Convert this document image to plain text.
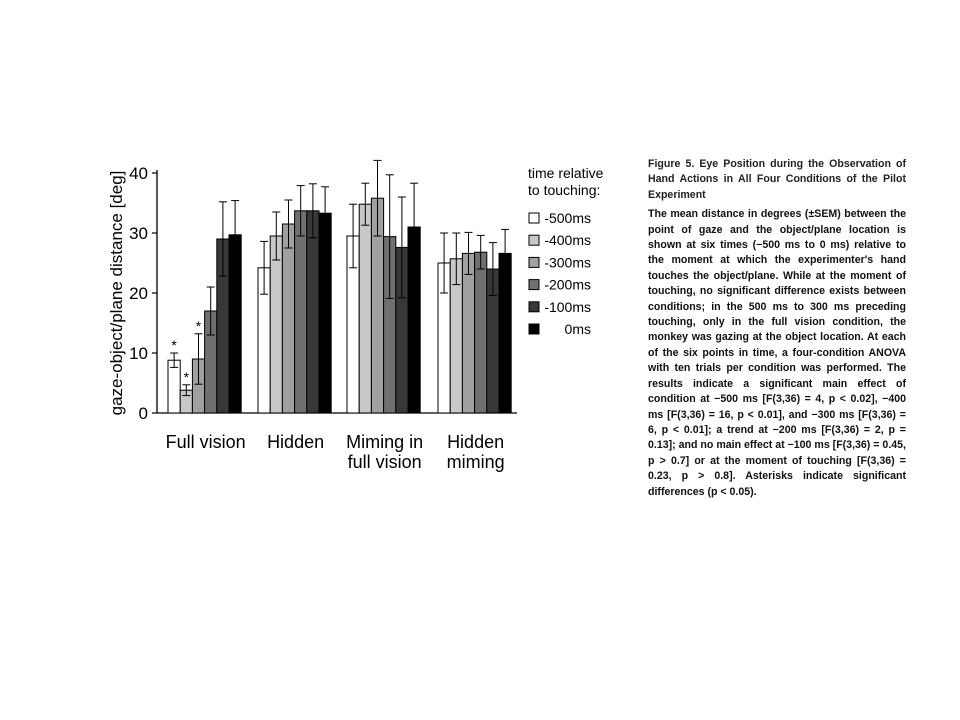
0
10
20
30
40
gaze-object/plane distance [deg]	*
*
*
Full vision Hidden Miming in
full vision
Hidden
miming
time relative
to touching:
-500ms
-400ms
-300ms
-200ms
-100ms
0ms

Figure 5. Eye Position during the Observation of Hand Actions in All Four Conditions of the Pilot Experiment

The mean distance in degrees (±SEM) between the point of gaze and the object/plane location is shown at six times (−500 ms to 0 ms) relative to the moment at which the experimenter's hand touches the object/plane. While at the moment of touching, no significant difference exists between conditions; in the 500 ms to 300 ms preceding touching, only in the full vision condition, the monkey was gazing at the object location. At each of the six points in time, a four-condition ANOVA with ten trials per condition was performed. The results indicate a significant main effect of condition at −500 ms [F(3,36) = 4, p < 0.02], −400 ms [F(3,36) = 16, p < 0.01], and −300 ms [F(3,36) = 6, p < 0.01]; a trend at −200 ms [F(3,36) = 2, p = 0.13]; and no main effect at −100 ms [F(3,36) = 0.45, p > 0.7] or at the moment of touching [F(3,36) = 0.23, p > 0.8]. Asterisks indicate significant differences (p < 0.05).
